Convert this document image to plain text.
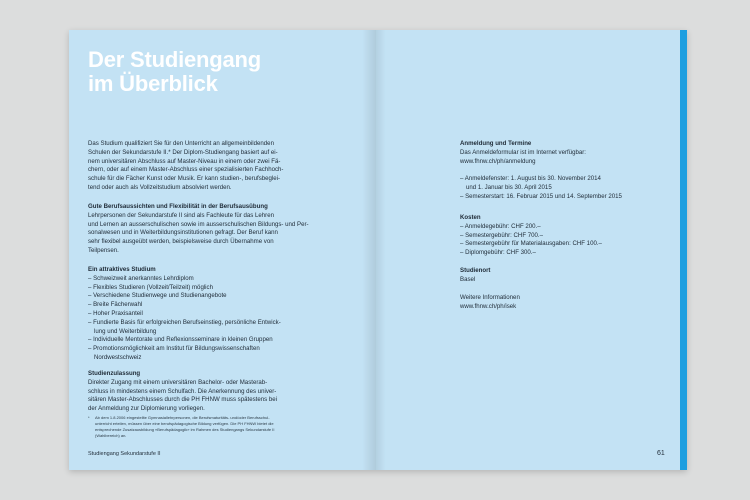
Der Studiengang
im Überblick

Das Studium qualifiziert Sie für den Unterricht an allgemeinbildenden

Schulen der Sekundarstufe II.* Der Diplom-Studiengang basiert auf ei-

nem universitären Abschluss auf Master-Niveau in einem oder zwei Fä-

chern, oder auf einem Master-Abschluss einer spezialisierten Fachhoch-

schule für die Fächer Kunst oder Musik. Er kann studien-, berufsbeglei-

tend oder auch als Vollzeitstudium absolviert werden.

Gute Berufsaussichten und Flexibilität in der Berufsausübung

Lehrpersonen der Sekundarstufe II sind als Fachleute für das Lehren

und Lernen an ausserschulischen sowie im ausserschulischen Bildungs- und Per-

sonalwesen und in Weiterbildungsinstitutionen gefragt. Der Beruf kann

sehr flexibel ausgeübt werden, beispielsweise durch Übernahme von

Teilpensen.

Ein attraktives Studium

– Schweizweit anerkanntes Lehrdiplom
– Flexibles Studieren (Vollzeit/Teilzeit) möglich
– Verschiedene Studienwege und Studienangebote
– Breite Fächerwahl
– Hoher Praxisanteil
– Fundierte Basis für erfolgreichen Berufseinstieg, persönliche Entwick-
lung und Weiterbildung
– Individuelle Mentorate und Reflexionsseminare in kleinen Gruppen
– Promotionsmöglichkeit am Institut für Bildungswissenschaften
Nordwestschweiz

Studienzulassung

Direkter Zugang mit einem universitären Bachelor- oder Masterab-

schluss in mindestens einem Schulfach. Die Anerkennung des univer-

sitären Master-Abschlusses durch die PH FHNW muss spätestens bei

der Anmeldung zur Diplomierung vorliegen.

* Ab dem 1.8.2006 eingestellte Gymnasiallehrpersonen, die Berufsmaturitäts- und/oder Berufsschul-
unterricht erteilen, müssen über eine berufspädagogische Bildung verfügen. Die PH FHNW bietet die
entsprechende Zusatzausbildung «Berufspädagogik» im Rahmen des Studiengangs Sekundarstufe II
(Wahlbereich) an.
Studiengang Sekundarstufe II

Anmeldung und Termine

Das Anmeldeformular ist im Internet verfügbar:

www.fhnw.ch/ph/anmeldung

– Anmeldefenster: 1. August bis 30. November 2014

und 1. Januar bis 30. April 2015

– Semesterstart: 16. Februar 2015 und 14. September 2015

Kosten

– Anmeldegebühr: CHF 200.–

– Semestergebühr: CHF 700.–

– Semestergebühr für Materialausgaben: CHF 100.–

– Diplomgebühr: CHF 300.–

Studienort

Basel

Weitere Informationen

www.fhnw.ch/ph/isek

61
